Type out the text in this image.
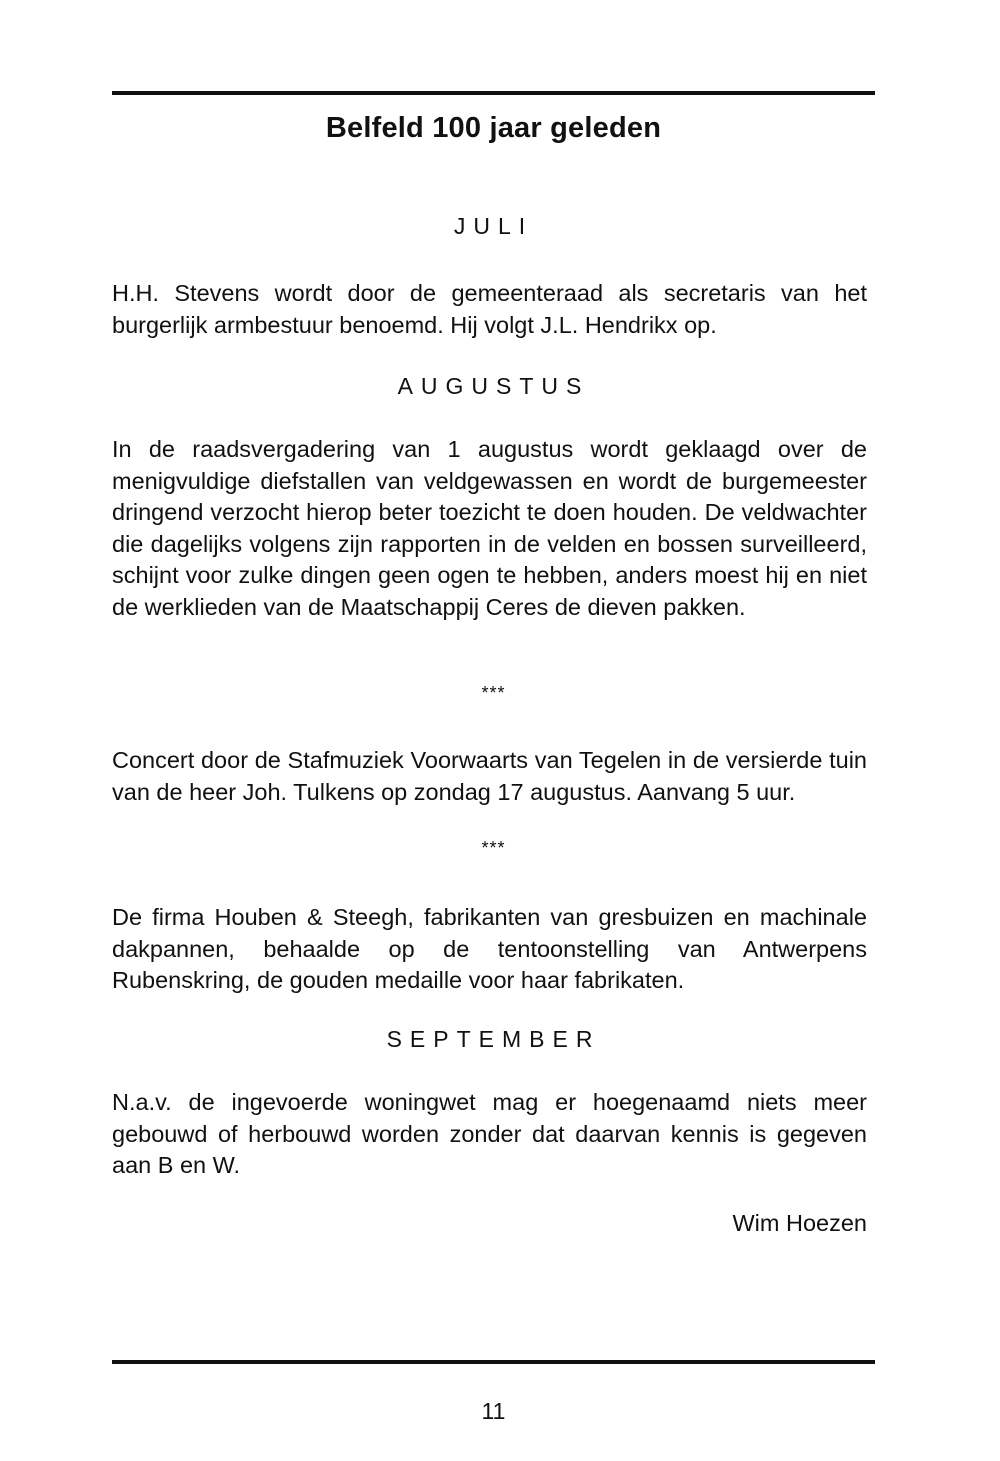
Belfeld 100 jaar geleden
JULI

H.H. Stevens wordt door de gemeenteraad als secretaris van het burgerlijk armbestuur benoemd. Hij volgt J.L. Hendrikx op.

AUGUSTUS

In de raadsvergadering van 1 augustus wordt geklaagd over de menigvuldige diefstallen van veldgewassen en wordt de burgemeester dringend verzocht hierop beter toezicht te doen houden. De veldwachter die dagelijks volgens zijn rapporten in de velden en bossen surveilleerd, schijnt voor zulke dingen geen ogen te hebben, anders moest hij en niet de werklieden van de Maatschappij Ceres de dieven pakken.

***

Concert door de Stafmuziek Voorwaarts van Tegelen in de versierde tuin van de heer Joh. Tulkens op zondag 17 augustus. Aanvang 5 uur.

***

De firma Houben & Steegh, fabrikanten van gresbuizen en machinale dakpannen, behaalde op de tentoonstelling van Antwerpens Rubenskring, de gouden medaille voor haar fabrikaten.

SEPTEMBER

N.a.v. de ingevoerde woningwet mag er hoegenaamd niets meer gebouwd of herbouwd worden zonder dat daarvan kennis is gegeven aan B en W.

Wim Hoezen
11
